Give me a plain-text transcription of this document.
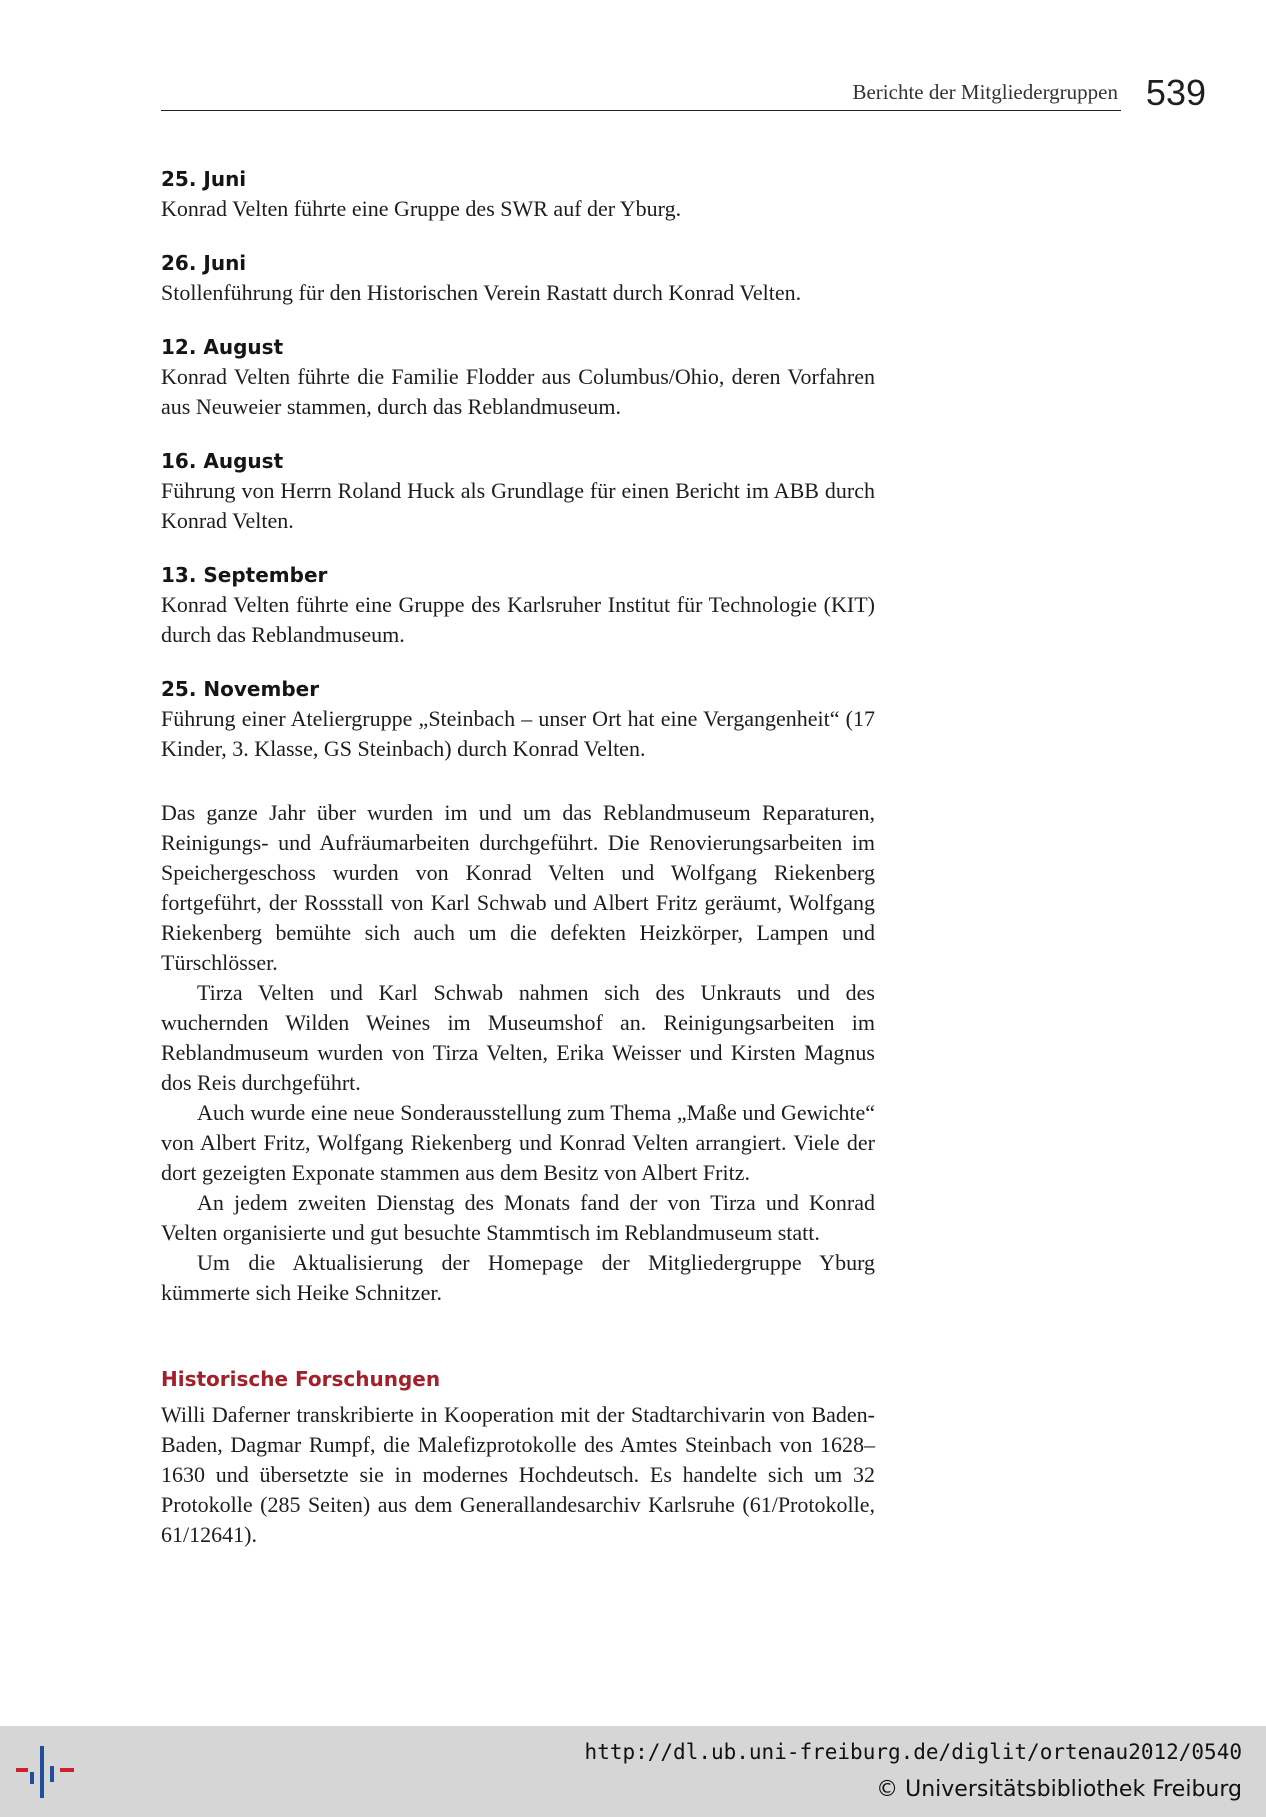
Berichte der Mitgliedergruppen 539
25. Juni
Konrad Velten führte eine Gruppe des SWR auf der Yburg.
26. Juni
Stollenführung für den Historischen Verein Rastatt durch Konrad Velten.
12. August
Konrad Velten führte die Familie Flodder aus Columbus/Ohio, deren Vorfahren aus Neuweier stammen, durch das Reblandmuseum.
16. August
Führung von Herrn Roland Huck als Grundlage für einen Bericht im ABB durch Konrad Velten.
13. September
Konrad Velten führte eine Gruppe des Karlsruher Institut für Technologie (KIT) durch das Reblandmuseum.
25. November
Führung einer Ateliergruppe „Steinbach – unser Ort hat eine Vergangenheit“ (17 Kinder, 3. Klasse, GS Steinbach) durch Konrad Velten.

Das ganze Jahr über wurden im und um das Reblandmuseum Reparaturen, Reinigungs- und Aufräumarbeiten durchgeführt. Die Renovierungsarbeiten im Speichergeschoss wurden von Konrad Velten und Wolfgang Riekenberg fortgeführt, der Rossstall von Karl Schwab und Albert Fritz geräumt, Wolfgang Riekenberg bemühte sich auch um die defekten Heizkörper, Lampen und Türschlösser.

Tirza Velten und Karl Schwab nahmen sich des Unkrauts und des wuchernden Wilden Weines im Museumshof an. Reinigungsarbeiten im Reblandmuseum wurden von Tirza Velten, Erika Weisser und Kirsten Magnus dos Reis durchgeführt.

Auch wurde eine neue Sonderausstellung zum Thema „Maße und Gewichte“ von Albert Fritz, Wolfgang Riekenberg und Konrad Velten arrangiert. Viele der dort gezeigten Exponate stammen aus dem Besitz von Albert Fritz.

An jedem zweiten Dienstag des Monats fand der von Tirza und Konrad Velten organisierte und gut besuchte Stammtisch im Reblandmuseum statt.

Um die Aktualisierung der Homepage der Mitgliedergruppe Yburg kümmerte sich Heike Schnitzer.

Historische Forschungen

Willi Daferner transkribierte in Kooperation mit der Stadtarchivarin von Baden-Baden, Dagmar Rumpf, die Malefizprotokolle des Amtes Steinbach von 1628–1630 und übersetzte sie in modernes Hochdeutsch. Es handelte sich um 32 Protokolle (285 Seiten) aus dem Generallandesarchiv Karlsruhe (61/Protokolle, 61/12641).

http://dl.ub.uni-freiburg.de/diglit/ortenau2012/0540
© Universitätsbibliothek Freiburg
